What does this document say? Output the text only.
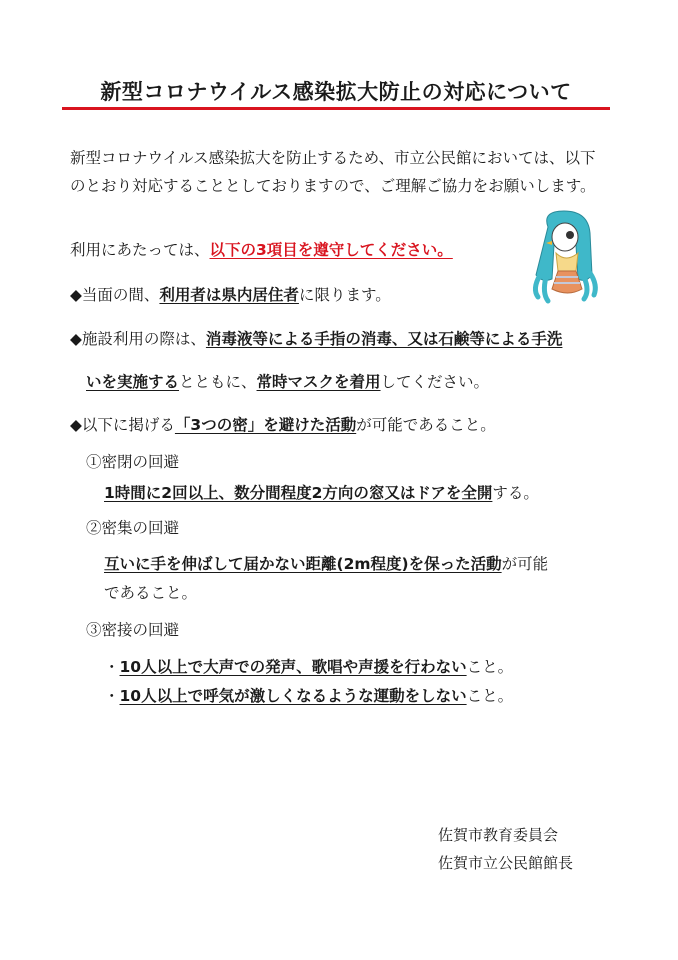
新型コロナウイルス感染拡大防止の対応について
新型コロナウイルス感染拡大を防止するため、市立公民館においては、以下
のとおり対応することとしておりますので、ご理解ご協力をお願いします。
利用にあたっては、以下の3項目を遵守してください。
◆当面の間、利用者は県内居住者に限ります。
◆施設利用の際は、消毒液等による手指の消毒、又は石鹸等による手洗
いを実施するとともに、常時マスクを着用してください。
◆以下に掲げる「3つの密」を避けた活動が可能であること。
①密閉の回避
1時間に2回以上、数分間程度2方向の窓又はドアを全開する。
②密集の回避
互いに手を伸ばして届かない距離(2m程度)を保った活動が可能
であること。
③密接の回避
・10人以上で大声での発声、歌唱や声援を行わないこと。
・10人以上で呼気が激しくなるような運動をしないこと。
佐賀市教育委員会
佐賀市立公民館館長
